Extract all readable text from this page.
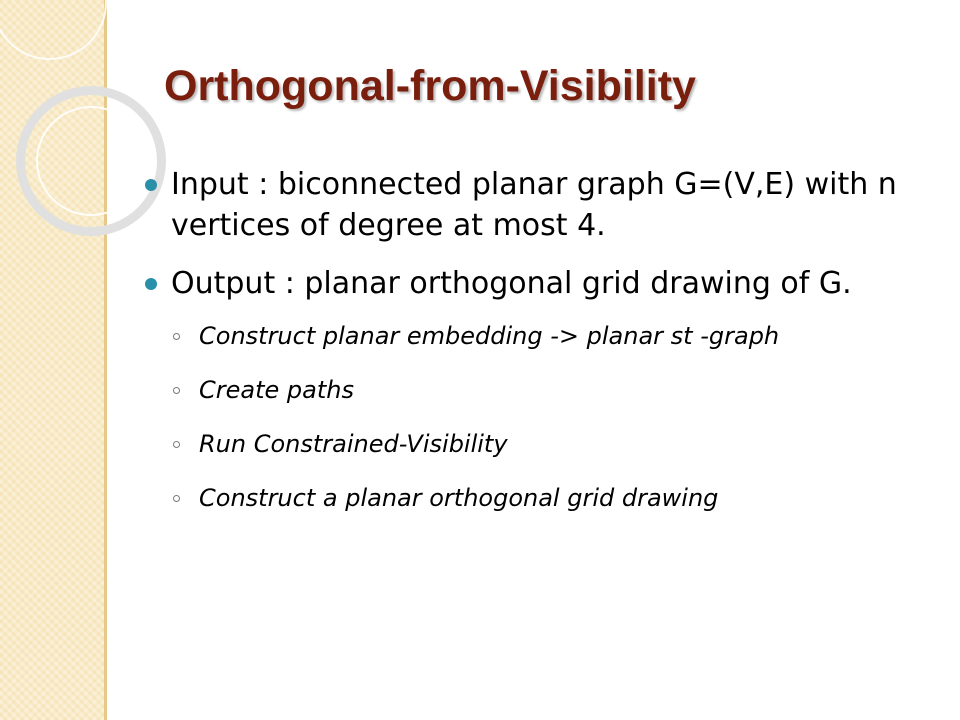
Orthogonal-from-Visibility
Input : biconnected planar graph G=(V,E) with n vertices of degree at most 4.
Output : planar orthogonal grid drawing of G.
Construct planar embedding -> planar st -graph
Create paths
Run Constrained-Visibility
Construct a planar orthogonal grid drawing
